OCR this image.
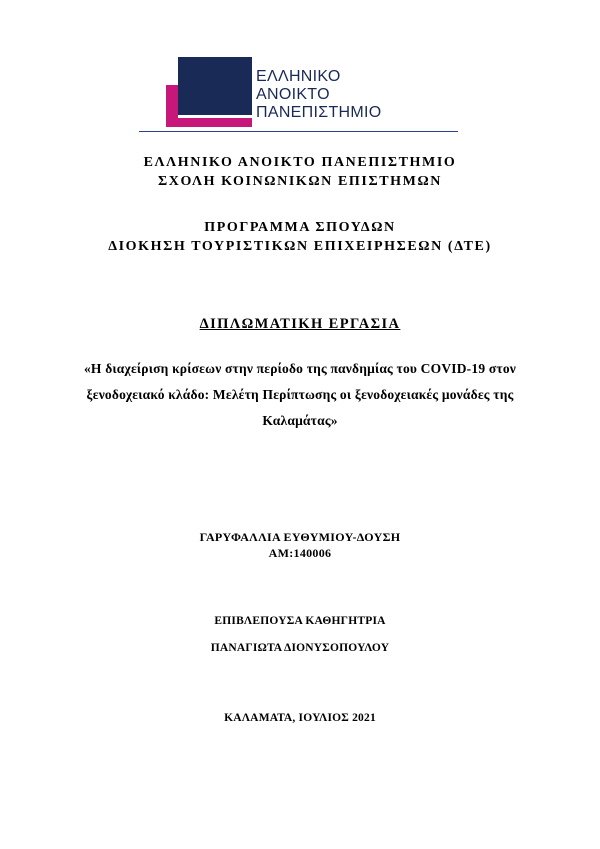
ΕΛΛΗΝΙΚΟ
ΑΝΟΙΚΤΟ
ΠΑΝΕΠΙΣΤΗΜΙΟ
ΕΛΛΗΝΙΚΟ ΑΝΟΙΚΤΟ ΠΑΝΕΠΙΣΤΗΜΙΟ
ΣΧΟΛΗ ΚΟΙΝΩΝΙΚΩΝ ΕΠΙΣΤΗΜΩΝ
ΠΡΟΓΡΑΜΜΑ ΣΠΟΥΔΩΝ
ΔΙΟΚΗΣΗ ΤΟΥΡΙΣΤΙΚΩΝ ΕΠΙΧΕΙΡΗΣΕΩΝ (ΔΤΕ)
ΔΙΠΛΩΜΑΤΙΚΗ ΕΡΓΑΣΙΑ
«Η διαχείριση κρίσεων στην περίοδο της πανδημίας του COVID-19 στον
ξενοδοχειακό κλάδο: Μελέτη Περίπτωσης οι ξενοδοχειακές μονάδες της
Καλαμάτας»
ΓΑΡΥΦΑΛΛΙΑ ΕΥΘΥΜΙΟΥ-ΔΟΥΣΗ
ΑΜ:140006
ΕΠΙΒΛΕΠΟΥΣΑ ΚΑΘΗΓΗΤΡΙΑ
ΠΑΝΑΓΙΩΤΑ ΔΙΟΝΥΣΟΠΟΥΛΟΥ
ΚΑΛΑΜΑΤΑ, ΙΟΥΛΙΟΣ 2021
